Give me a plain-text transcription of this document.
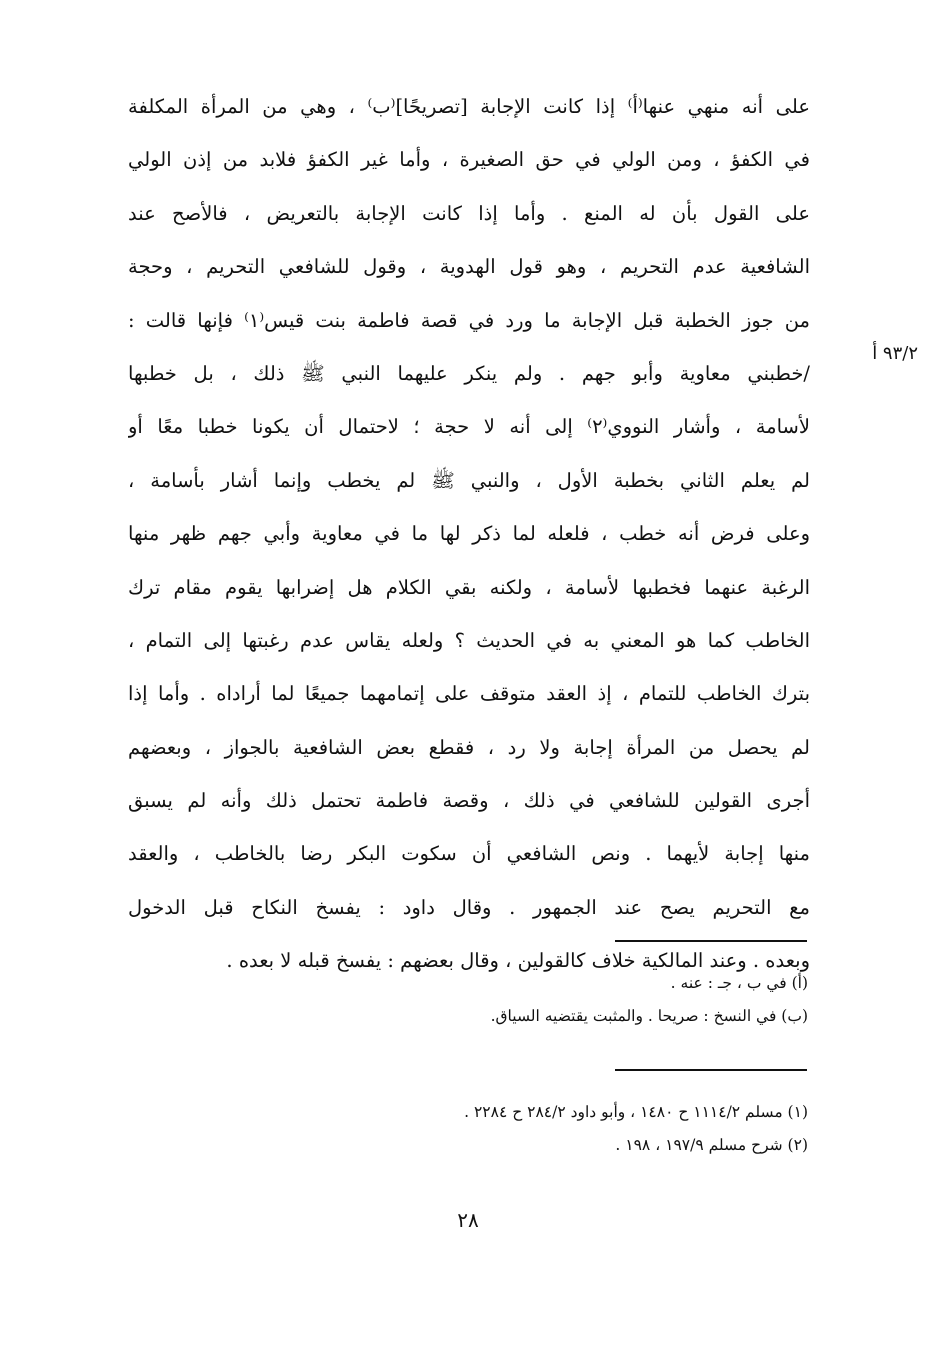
على أنه منهي عنها⁽أ⁾ إذا كانت الإجابة [تصريحًا]⁽ب⁾ ، وهي من المرأة المكلفة
في الكفؤ ، ومن الولي في حق الصغيرة ، وأما غير الكفؤ فلابد من إذن الولي
على القول بأن له المنع . وأما إذا كانت الإجابة بالتعريض ، فالأصح عند
الشافعية عدم التحريم ، وهو قول الهدوية ، وقول للشافعي التحريم ، وحجة
من جوز الخطبة قبل الإجابة ما ورد في قصة فاطمة بنت قيس⁽١⁾ فإنها قالت :
/خطبني معاوية وأبو جهم . ولم ينكر عليهما النبي ﷺ ذلك ، بل خطبها
لأسامة ، وأشار النووي⁽٢⁾ إلى أنه لا حجة ؛ لاحتمال أن يكونا خطبا معًا أو
لم يعلم الثاني بخطبة الأول ، والنبي ﷺ لم يخطب وإنما أشار بأسامة ،
وعلى فرض أنه خطب ، فلعله لما ذكر لها ما في معاوية وأبي جهم ظهر منها
الرغبة عنهما فخطبها لأسامة ، ولكنه بقي الكلام هل إضرابها يقوم مقام ترك
الخاطب كما هو المعني به في الحديث ؟ ولعله يقاس عدم رغبتها إلى التمام ،
بترك الخاطب للتمام ، إذ العقد متوقف على إتمامهما جميعًا لما أراداه . وأما إذا
لم يحصل من المرأة إجابة ولا رد ، فقطع بعض الشافعية بالجواز ، وبعضهم
أجرى القولين للشافعي في ذلك ، وقصة فاطمة تحتمل ذلك وأنه لم يسبق
منها إجابة لأيهما . ونص الشافعي أن سكوت البكر رضا بالخاطب ، والعقد
مع التحريم يصح عند الجمهور . وقال داود : يفسخ النكاح قبل الدخول
وبعده . وعند المالكية خلاف كالقولين ، وقال بعضهم : يفسخ قبله لا بعده .
٩٣/٢ أ
(أ) في ب ، جـ : عنه .
(ب) في النسخ : صريحا . والمثبت يقتضيه السياق.
(١) مسلم ١١١٤/٢ ح ١٤٨٠ ، وأبو داود ٢٨٤/٢ ح ٢٢٨٤ .
(٢) شرح مسلم ١٩٧/٩ ، ١٩٨ .
٢٨
